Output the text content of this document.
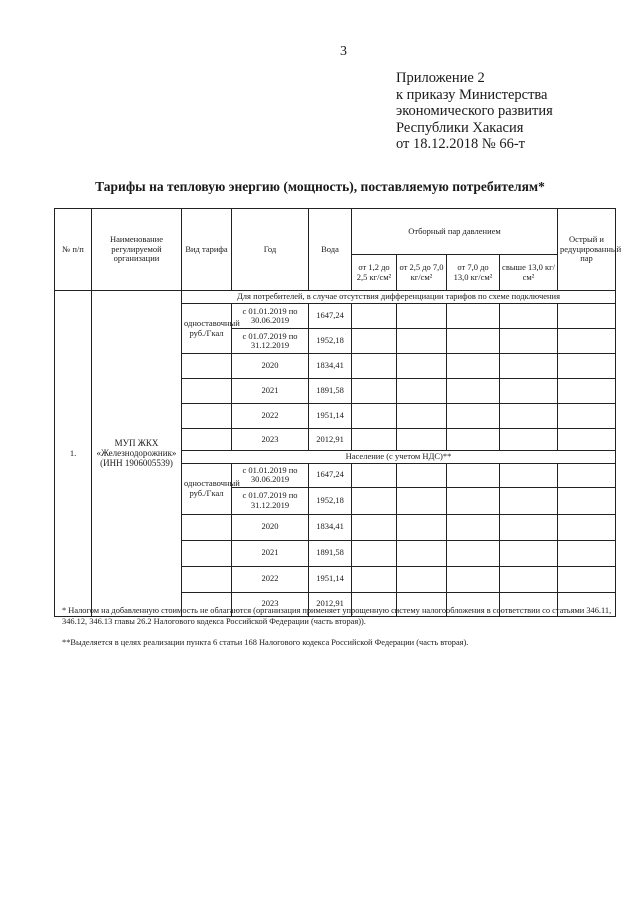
3
Приложение 2
к приказу Министерства
экономического развития
Республики Хакасия
от 18.12.2018 № 66-т
Тарифы на тепловую энергию (мощность), поставляемую потребителям*
№ п/п	Наименование регулируемой организации	Вид тарифа	Год	Вода	Отборный пар давлением				Острый и редуцированный пар
					от 1,2 до 2,5 кг/см²	от 2,5 до 7,0 кг/см²	от 7,0 до 13,0 кг/см²	свыше 13,0 кг/см²	
1.	МУП ЖКХ «Железнодорожник» (ИНН 1906005539)	Для потребителей, в случае отсутствия дифференциации тарифов по схеме подключения							
		одноставочный руб./Гкал	с 01.01.2019 по 30.06.2019	1647,24					
			с 01.07.2019 по 31.12.2019	1952,18					
			2020	1834,41					
			2021	1891,58					
			2022	1951,14					
			2023	2012,91					
		Население (с учетом НДС)**							
		одноставочный руб./Гкал	с 01.01.2019 по 30.06.2019	1647,24					
			с 01.07.2019 по 31.12.2019	1952,18					
			2020	1834,41					
			2021	1891,58					
			2022	1951,14					
			2023	2012,91					

* Налогом на добавленную стоимость не облагаются (организация применяет упрощенную систему налогообложения в соответствии со статьями 346.11, 346.12, 346.13 главы 26.2 Налогового кодекса Российской Федерации (часть вторая)).

**Выделяется в целях реализации пункта 6 статьи 168 Налогового кодекса Российской Федерации (часть вторая).
